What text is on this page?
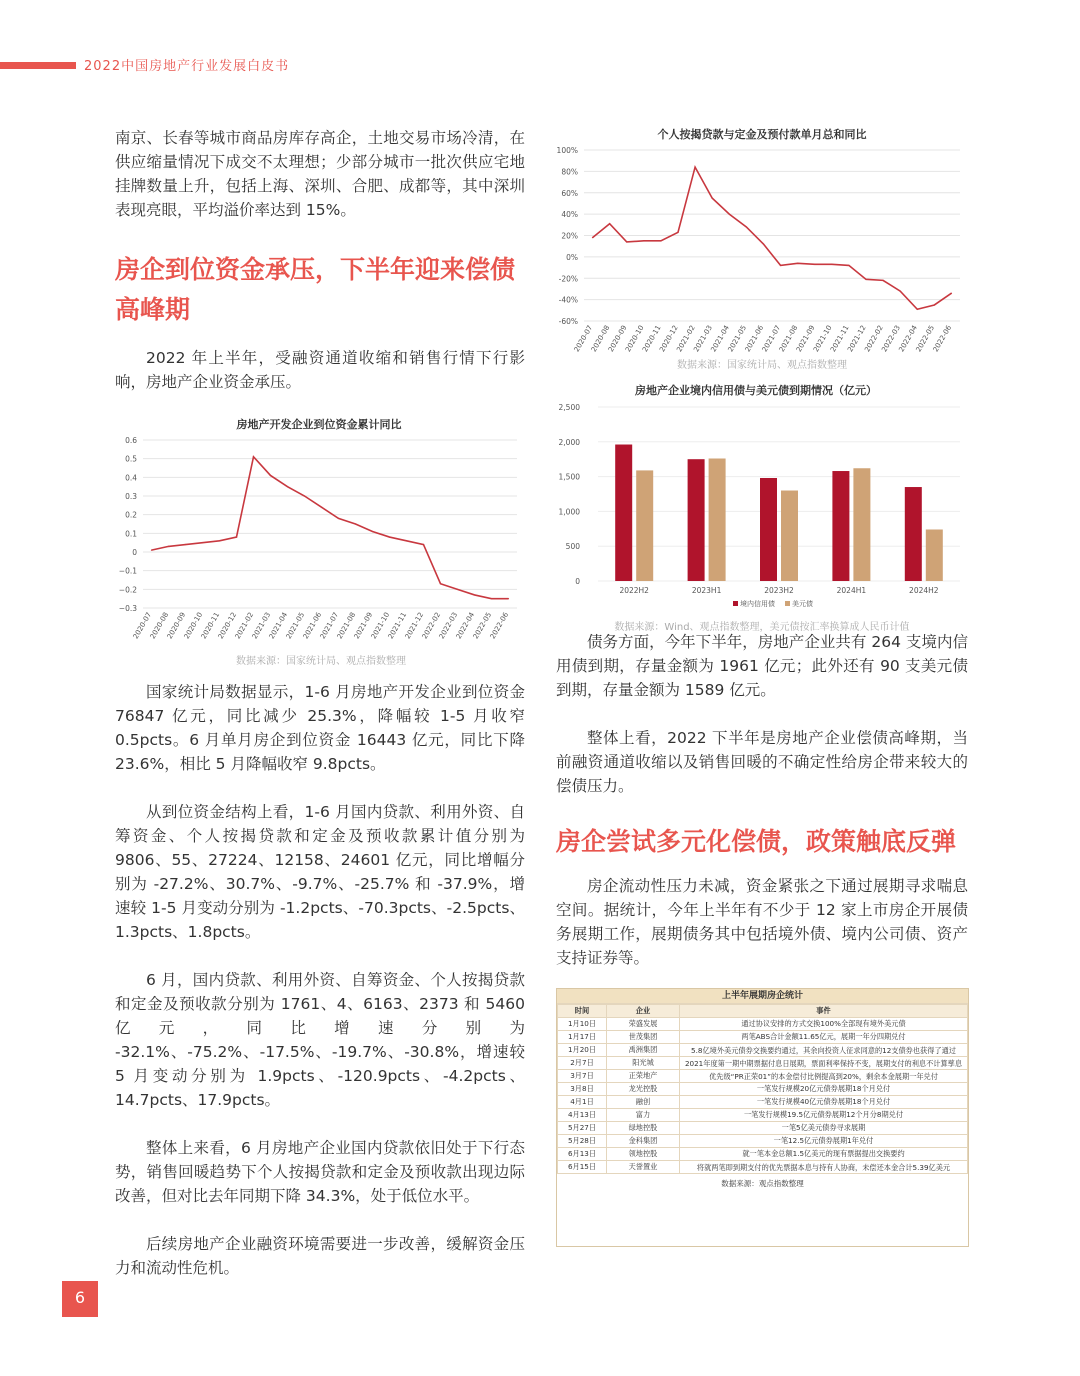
2022中国房地产行业发展白皮书

南京、长春等城市商品房库存高企，土地交易市场冷清，在供应缩量情况下成交不太理想；少部分城市一批次供应宅地挂牌数量上升，包括上海、深圳、合肥、成都等，其中深圳表现亮眼，平均溢价率达到 15%。

房企到位资金承压，下半年迎来偿债高峰期

2022 年上半年，受融资通道收缩和销售行情下行影响，房地产企业资金承压。

房地产开发企业到位资金累计同比
0.6
0.5
0.4
0.3
0.2
0.1
0
−0.1
−0.2
−0.3
2020-07
2020-08
2020-09
2020-10
2020-11
2020-12
2021-02
2021-03
2021-04
2021-05
2021-06
2021-07
2021-08
2021-09
2021-10
2021-11
2021-12
2022-02
2022-03
2022-04
2022-05
2022-06
数据来源：国家统计局、观点指数整理

国家统计局数据显示，1-6 月房地产开发企业到位资金 76847 亿元，同比减少 25.3%，降幅较 1-5 月收窄 0.5pcts。6 月单月房企到位资金 16443 亿元，同比下降 23.6%，相比 5 月降幅收窄 9.8pcts。

从到位资金结构上看，1-6 月国内贷款、利用外资、自筹资金、个人按揭贷款和定金及预收款累计值分别为 9806、55、27224、12158、24601 亿元，同比增幅分别为 -27.2%、30.7%、-9.7%、-25.7% 和 -37.9%，增速较 1-5 月变动分别为 -1.2pcts、-70.3pcts、-2.5pcts、1.3pcts、1.8pcts。

6 月，国内贷款、利用外资、自筹资金、个人按揭贷款和定金及预收款分别为 1761、4、6163、2373 和 5460 亿元，同比增速分别为 -32.1%、-75.2%、-17.5%、-19.7%、-30.8%，增速较 5 月变动分别为 1.9pcts、-120.9pcts、-4.2pcts、14.7pcts、17.9pcts。

整体上来看，6 月房地产企业国内贷款依旧处于下行态势，销售回暖趋势下个人按揭贷款和定金及预收款出现边际改善，但对比去年同期下降 34.3%，处于低位水平。

后续房地产企业融资环境需要进一步改善，缓解资金压力和流动性危机。

个人按揭贷款与定金及预付款单月总和同比
100%
80%
60%
40%
20%
0%
-20%
-40%
-60%
2020-07
2020-08
2020-09
2020-10
2020-11
2020-12
2021-02
2021-03
2021-04
2021-05
2021-06
2021-07
2021-08
2021-09
2021-10
2021-11
2021-12
2022-02
2022-03
2022-04
2022-05
2022-06
数据来源：国家统计局、观点指数整理
房地产企业境内信用债与美元债到期情况（亿元）
2,500
2,000
1,500
1,000
500
0
2022H2	2023H1	2023H2	2024H1	2024H2
境内信用债 美元债
数据来源：Wind、观点指数整理，美元债按汇率换算成人民币计值

债务方面，今年下半年，房地产企业共有 264 支境内信用债到期，存量金额为 1961 亿元；此外还有 90 支美元债到期，存量金额为 1589 亿元。

整体上看，2022 下半年是房地产企业偿债高峰期，当前融资通道收缩以及销售回暖的不确定性给房企带来较大的偿债压力。

房企尝试多元化偿债，政策触底反弹

房企流动性压力未减，资金紧张之下通过展期寻求喘息空间。据统计，今年上半年有不少于 12 家上市房企开展债务展期工作，展期债务其中包括境外债、境内公司债、资产支持证券等。

上半年展期房企统计
时间	企业	事件
1月10日	荣盛发展	通过协议安排的方式交换100%全部现有境外美元债
1月17日	世茂集团	两笔ABS合计金额11.65亿元，展期一年分四期兑付
1月20日	禹洲集团	5.8亿境外美元债券交换要约通过，其余向投资人征求同意的12支债券也获得了通过
2月7日	阳光城	2021年度第一期中期票据付息日展期，票面利率保持不变，展期支付的利息不计算孳息
3月7日	正荣地产	优先级“PR正荣01”的本金偿付比例提高到20%，剩余本金展期一年兑付
3月8日	龙光控股	一笔发行规模20亿元债券展期18个月兑付
4月1日	融创	一笔发行规模40亿元债券展期18个月兑付
4月13日	富力	一笔发行规模19.5亿元债券展期12个月分8期兑付
5月27日	绿地控股	一笔5亿美元债券寻求展期
5月28日	金科集团	一笔12.5亿元债券展期1年兑付
6月13日	领地控股	就一笔本金总额1.5亿美元的现有票据提出交换要约
6月15日	天誉置业	将就两笔即到期支付的优先票据本息与持有人协商，未偿还本金合计5.39亿美元
数据来源：观点指数整理
6
